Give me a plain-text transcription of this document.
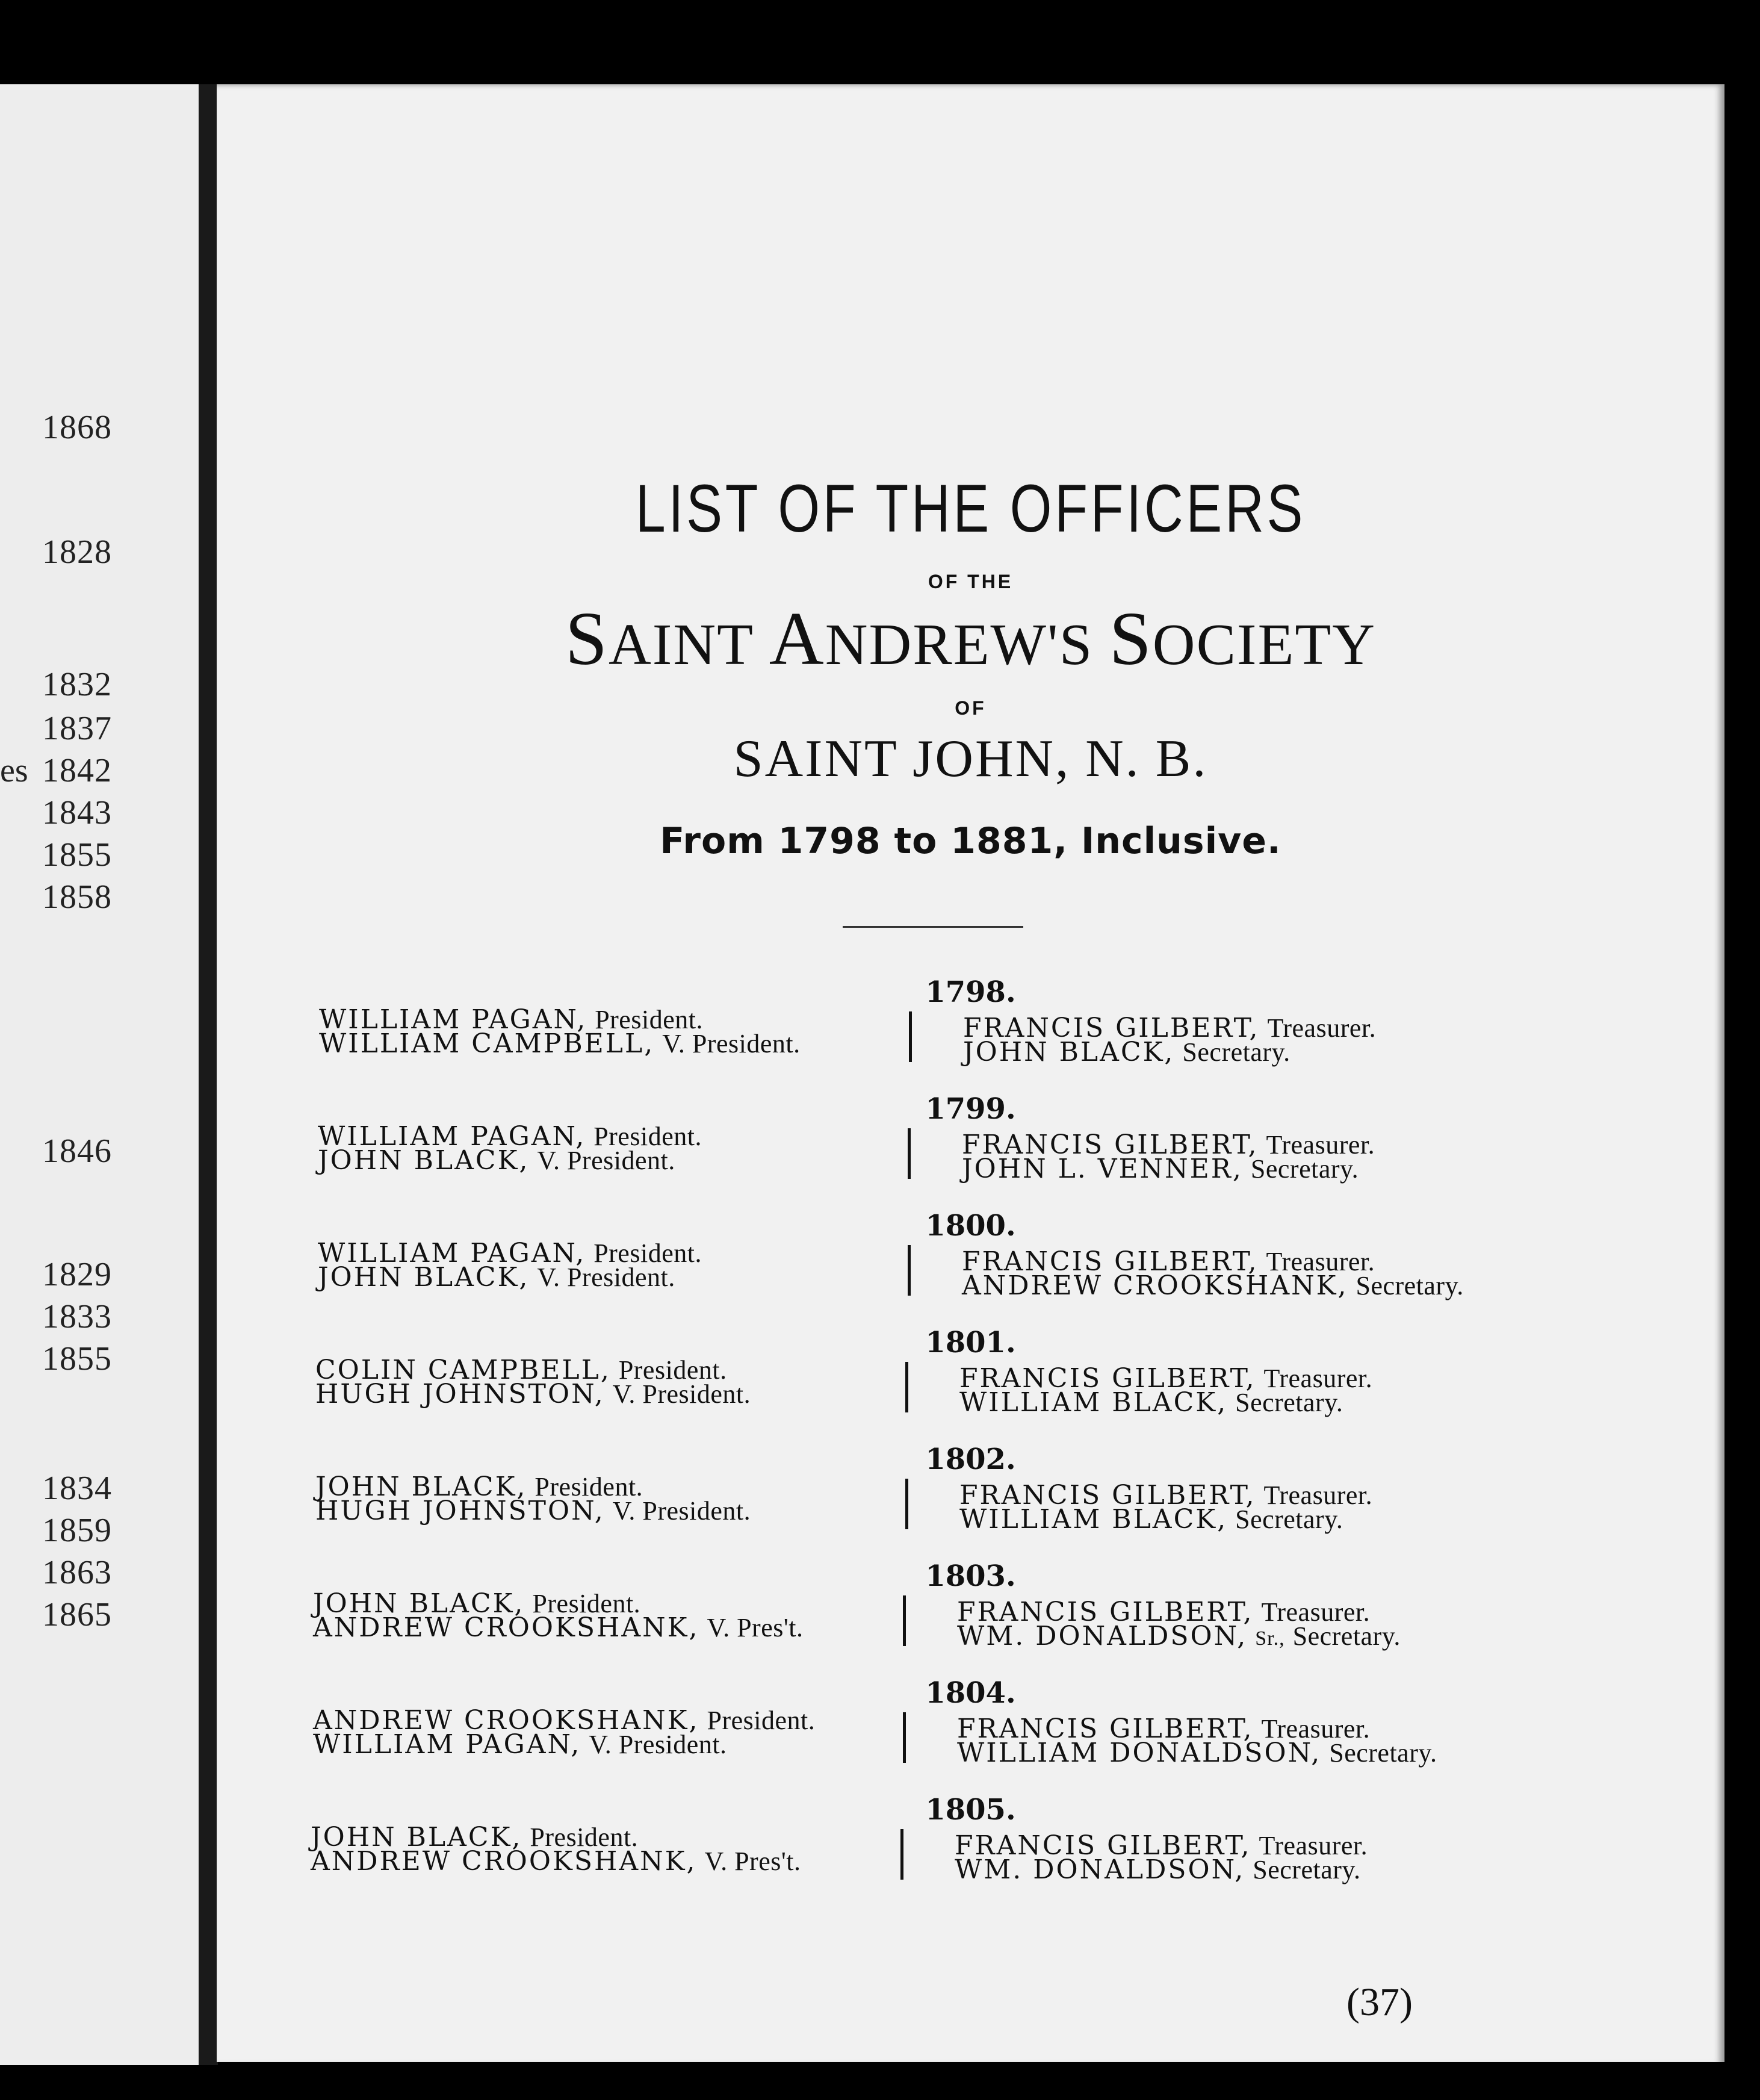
1868
1828
1832
1837
es 1842
1843
1855
1858
1846
1829
1833
1855
1834
1859
1863
1865
LIST OF THE OFFICERS
OF THE
SAINT ANDREW'S SOCIETY
OF
SAINT JOHN, N. B.
From 1798 to 1881, Inclusive.
1798.
WILLIAM PAGAN, President.
WILLIAM CAMPBELL, V. President.
FRANCIS GILBERT, Treasurer.
JOHN BLACK, Secretary.
1799.
WILLIAM PAGAN, President.
JOHN BLACK, V. President.
FRANCIS GILBERT, Treasurer.
JOHN L. VENNER, Secretary.
1800.
WILLIAM PAGAN, President.
JOHN BLACK, V. President.
FRANCIS GILBERT, Treasurer.
ANDREW CROOKSHANK, Secretary.
1801.
COLIN CAMPBELL, President.
HUGH JOHNSTON, V. President.
FRANCIS GILBERT, Treasurer.
WILLIAM BLACK, Secretary.
1802.
JOHN BLACK, President.
HUGH JOHNSTON, V. President.
FRANCIS GILBERT, Treasurer.
WILLIAM BLACK, Secretary.
1803.
JOHN BLACK, President.
ANDREW CROOKSHANK, V. Pres't.
FRANCIS GILBERT, Treasurer.
WM. DONALDSON, Sr., Secretary.
1804.
ANDREW CROOKSHANK, President.
WILLIAM PAGAN, V. President.
FRANCIS GILBERT, Treasurer.
WILLIAM DONALDSON, Secretary.
1805.
JOHN BLACK, President.
ANDREW CROOKSHANK, V. Pres't.
FRANCIS GILBERT, Treasurer.
WM. DONALDSON, Secretary.
(37)
